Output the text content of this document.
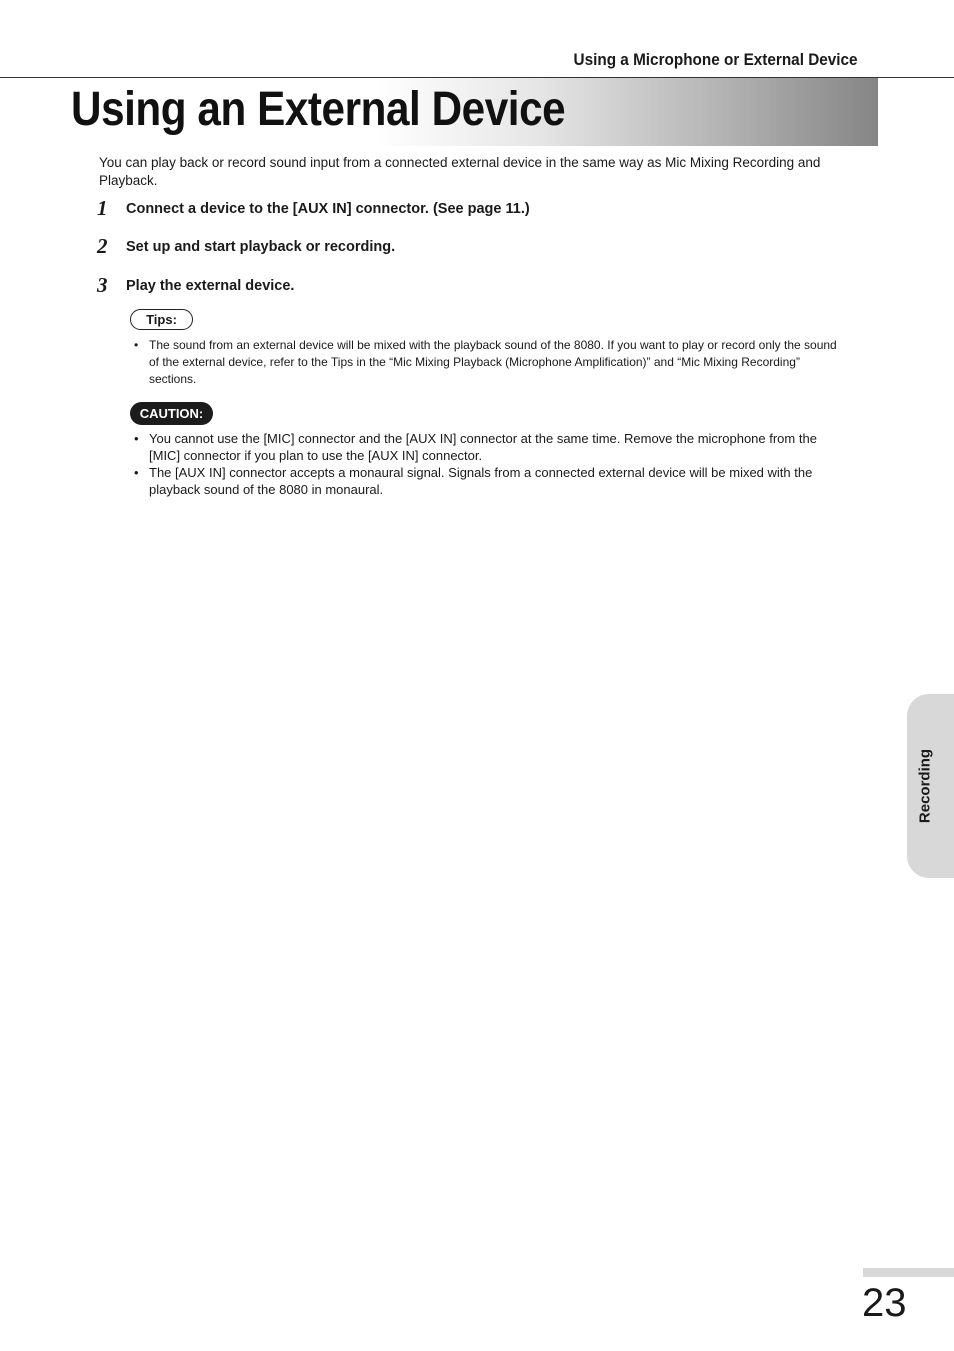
Using a Microphone or External Device
Using an External Device

You can play back or record sound input from a connected external device in the same way as Mic Mixing Recording and Playback.

1 Connect a device to the [AUX IN] connector. (See page 11.)
2 Set up and start playback or recording.
3 Play the external device.
Tips:
• The sound from an external device will be mixed with the playback sound of the 8080. If you want to play or record only the sound of the external device, refer to the Tips in the “Mic Mixing Playback (Microphone Amplification)” and “Mic Mixing Recording” sections.
CAUTION:
• You cannot use the [MIC] connector and the [AUX IN] connector at the same time. Remove the microphone from the [MIC] connector if you plan to use the [AUX IN] connector.
• The [AUX IN] connector accepts a monaural signal. Signals from a connected external device will be mixed with the playback sound of the 8080 in monaural.
Recording
23
